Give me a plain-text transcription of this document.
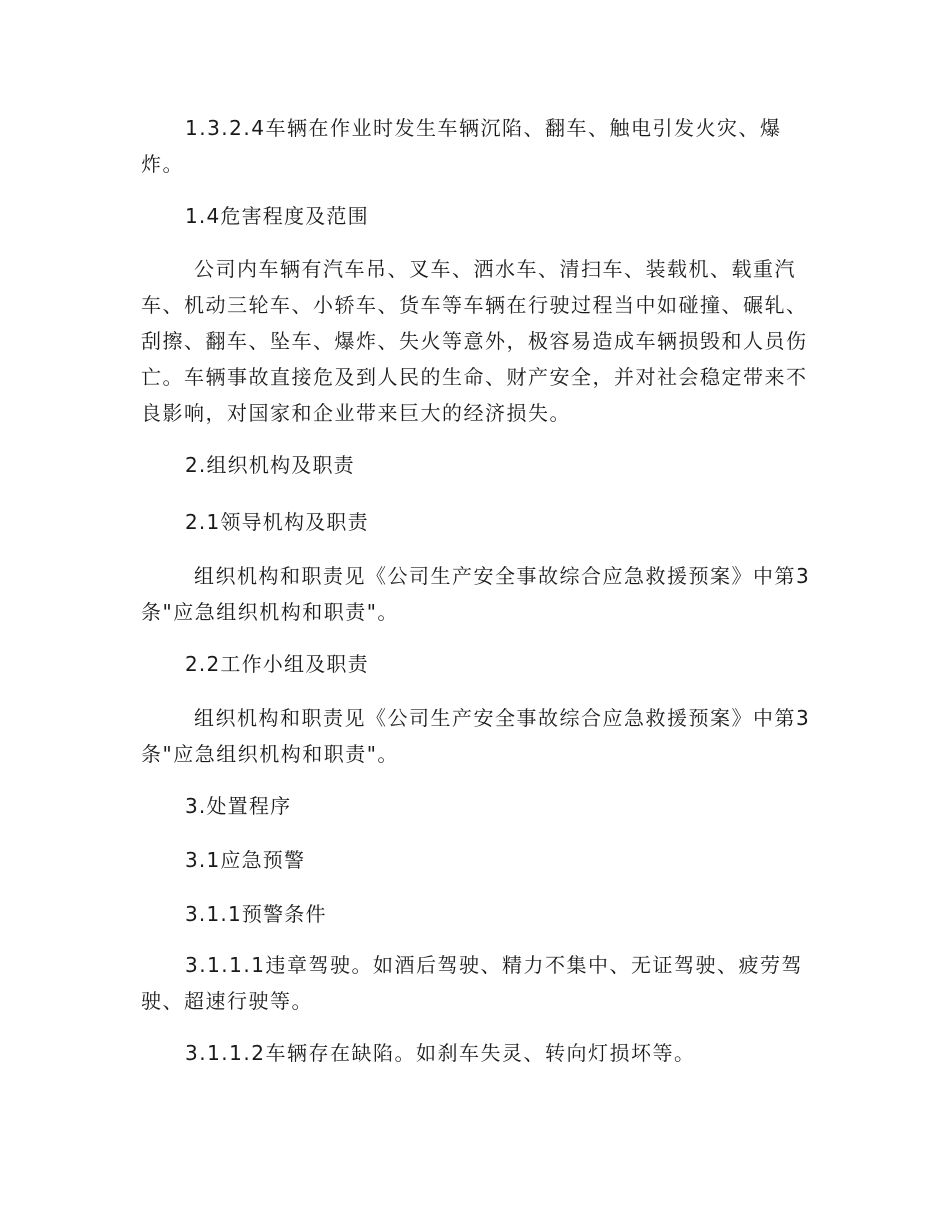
1.3.2.4车辆在作业时发生车辆沉陷、翻车、触电引发火灾、爆炸。

1.4危害程度及范围

公司内车辆有汽车吊、叉车、洒水车、清扫车、装载机、载重汽车、机动三轮车、小轿车、货车等车辆在行驶过程当中如碰撞、碾轧、刮擦、翻车、坠车、爆炸、失火等意外，极容易造成车辆损毁和人员伤亡。车辆事故直接危及到人民的生命、财产安全，并对社会稳定带来不良影响，对国家和企业带来巨大的经济损失。

2.组织机构及职责

2.1领导机构及职责

组织机构和职责见《公司生产安全事故综合应急救援预案》中第3条"应急组织机构和职责"。

2.2工作小组及职责

组织机构和职责见《公司生产安全事故综合应急救援预案》中第3条"应急组织机构和职责"。

3.处置程序

3.1应急预警

3.1.1预警条件

3.1.1.1违章驾驶。如酒后驾驶、精力不集中、无证驾驶、疲劳驾驶、超速行驶等。

3.1.1.2车辆存在缺陷。如刹车失灵、转向灯损坏等。
